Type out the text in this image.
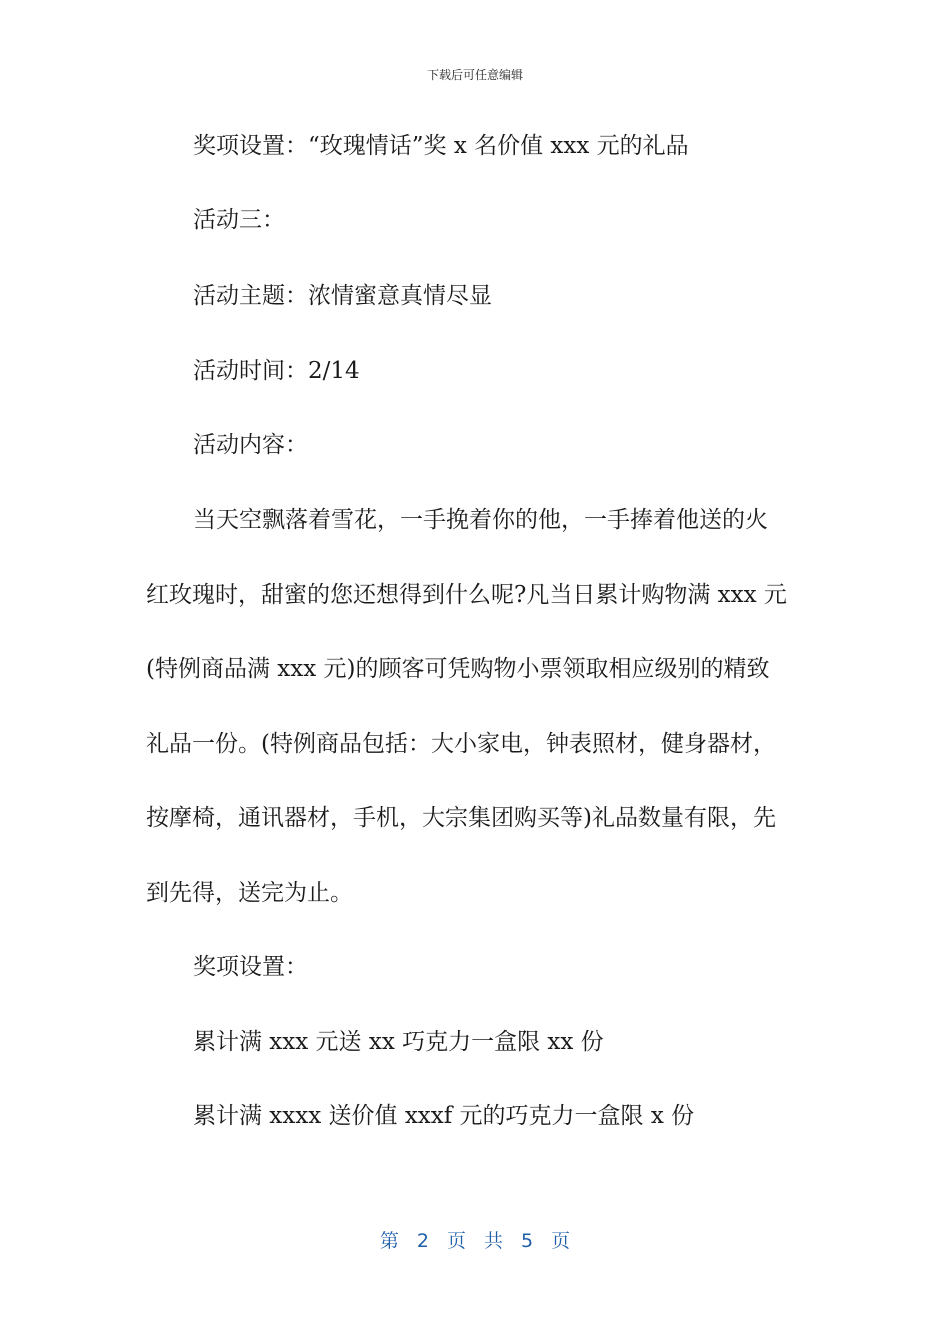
下载后可任意编辑
奖项设置：“玫瑰情话”奖 x 名价值 xxx 元的礼品
活动三：
活动主题：浓情蜜意真情尽显
活动时间：2/14
活动内容：
当天空飘落着雪花，一手挽着你的他，一手捧着他送的火
红玫瑰时，甜蜜的您还想得到什么呢?凡当日累计购物满 xxx 元
(特例商品满 xxx 元)的顾客可凭购物小票领取相应级别的精致
礼品一份。(特例商品包括：大小家电，钟表照材，健身器材，
按摩椅，通讯器材，手机，大宗集团购买等)礼品数量有限，先
到先得，送完为止。
奖项设置：
累计满 xxx 元送 xx 巧克力一盒限 xx 份
累计满 xxxx 送价值 xxxf 元的巧克力一盒限 x 份
第 2 页 共 5 页
